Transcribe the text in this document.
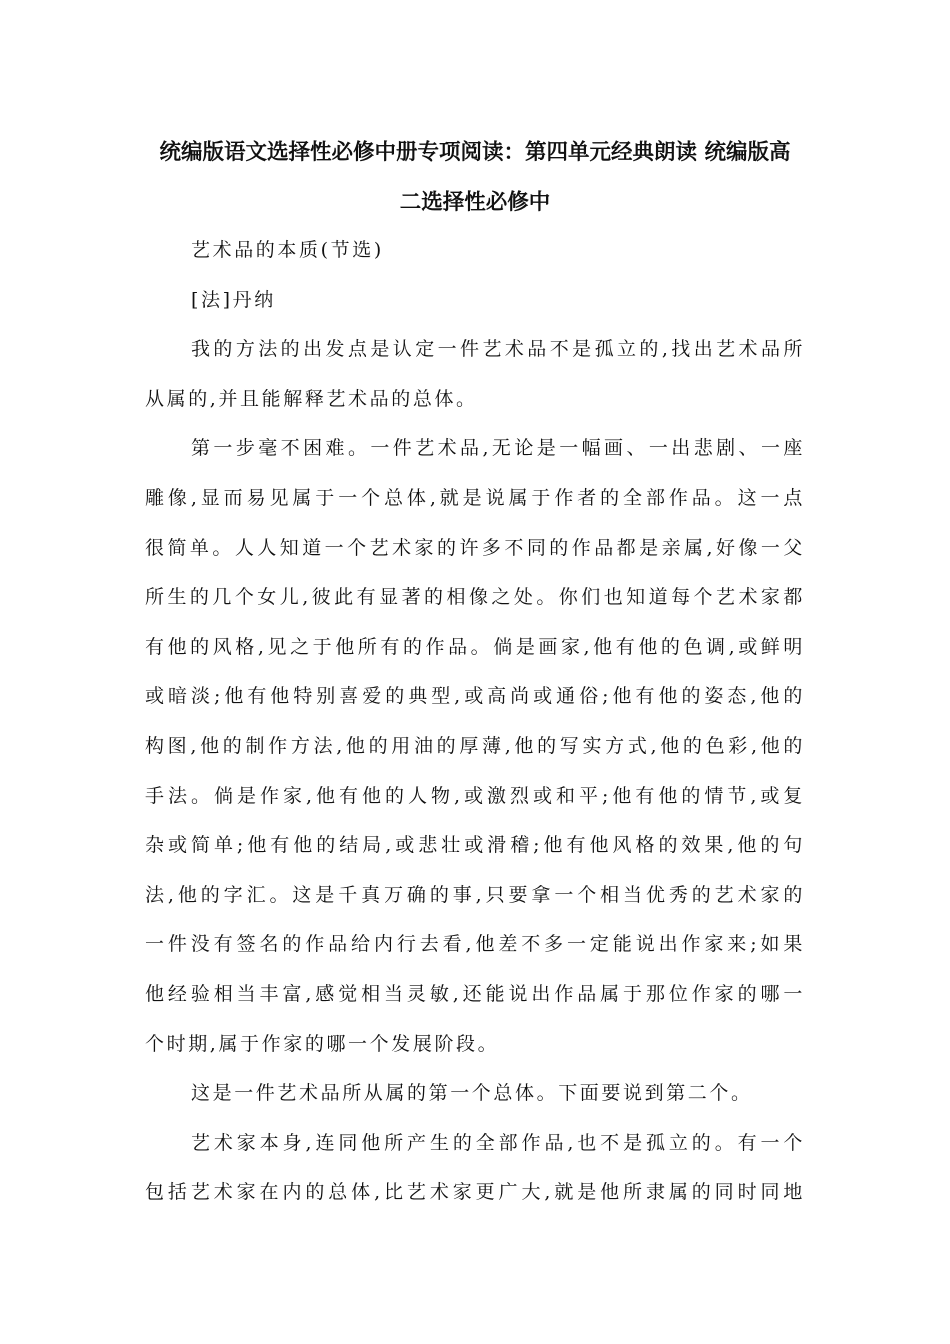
统编版语文选择性必修中册专项阅读：第四单元经典朗读 统编版高
二选择性必修中
艺术品的本质(节选)
[法]丹纳
我的方法的出发点是认定一件艺术品不是孤立的,找出艺术品所
从属的,并且能解释艺术品的总体。
第一步毫不困难。一件艺术品,无论是一幅画、一出悲剧、一座
雕像,显而易见属于一个总体,就是说属于作者的全部作品。这一点
很简单。人人知道一个艺术家的许多不同的作品都是亲属,好像一父
所生的几个女儿,彼此有显著的相像之处。你们也知道每个艺术家都
有他的风格,见之于他所有的作品。倘是画家,他有他的色调,或鲜明
或暗淡;他有他特别喜爱的典型,或高尚或通俗;他有他的姿态,他的
构图,他的制作方法,他的用油的厚薄,他的写实方式,他的色彩,他的
手法。倘是作家,他有他的人物,或激烈或和平;他有他的情节,或复
杂或简单;他有他的结局,或悲壮或滑稽;他有他风格的效果,他的句
法,他的字汇。这是千真万确的事,只要拿一个相当优秀的艺术家的
一件没有签名的作品给内行去看,他差不多一定能说出作家来;如果
他经验相当丰富,感觉相当灵敏,还能说出作品属于那位作家的哪一
个时期,属于作家的哪一个发展阶段。
这是一件艺术品所从属的第一个总体。下面要说到第二个。
艺术家本身,连同他所产生的全部作品,也不是孤立的。有一个
包括艺术家在内的总体,比艺术家更广大,就是他所隶属的同时同地
